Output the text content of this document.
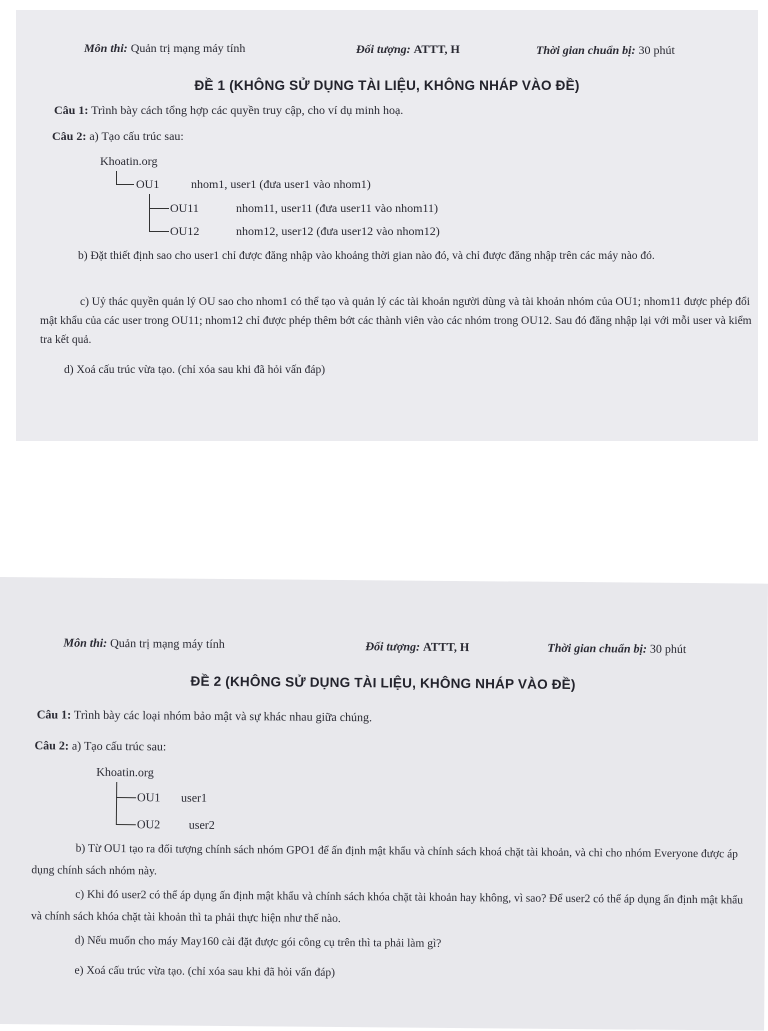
Môn thi: Quản trị mạng máy tính	Đối tượng: ATTT, H	Thời gian chuẩn bị: 30 phút
ĐỀ 1 (KHÔNG SỬ DỤNG TÀI LIỆU, KHÔNG NHÁP VÀO ĐỀ)
Câu 1: Trình bày cách tổng hợp các quyền truy cập, cho ví dụ minh hoạ.
Câu 2: a) Tạo cấu trúc sau:
Khoatin.org
OU1	nhom1, user1 (đưa user1 vào nhom1)
OU11	nhom11, user11 (đưa user11 vào nhom11)
OU12	nhom12, user12 (đưa user12 vào nhom12)
b) Đặt thiết định sao cho user1 chỉ được đăng nhập vào khoảng thời gian nào đó, và chỉ được đăng nhập trên các máy nào đó.
c) Uỷ thác quyền quản lý OU sao cho nhom1 có thể tạo và quản lý các tài khoản người dùng và tài khoản nhóm của OU1; nhom11 được phép đổi mật khẩu của các user trong OU11; nhom12 chỉ được phép thêm bớt các thành viên vào các nhóm trong OU12. Sau đó đăng nhập lại với mỗi user và kiểm tra kết quả.
d) Xoá cấu trúc vừa tạo. (chỉ xóa sau khi đã hỏi vấn đáp)
Môn thi: Quản trị mạng máy tính	Đối tượng: ATTT, H	Thời gian chuẩn bị: 30 phút
ĐỀ 2 (KHÔNG SỬ DỤNG TÀI LIỆU, KHÔNG NHÁP VÀO ĐỀ)
Câu 1: Trình bày các loại nhóm bảo mật và sự khác nhau giữa chúng.
Câu 2: a) Tạo cấu trúc sau:
Khoatin.org
OU1 user1
OU2 user2
b) Từ OU1 tạo ra đối tượng chính sách nhóm GPO1 để ấn định mật khẩu và chính sách khoá chặt tài khoản, và chỉ cho nhóm Everyone được áp dụng chính sách nhóm này.
c) Khi đó user2 có thể áp dụng ấn định mật khẩu và chính sách khóa chặt tài khoản hay không, vì sao? Để user2 có thể áp dụng ấn định mật khẩu và chính sách khóa chặt tài khoản thì ta phải thực hiện như thế nào.
d) Nếu muốn cho máy May160 cài đặt được gói công cụ trên thì ta phải làm gì?
e) Xoá cấu trúc vừa tạo. (chỉ xóa sau khi đã hỏi vấn đáp)
